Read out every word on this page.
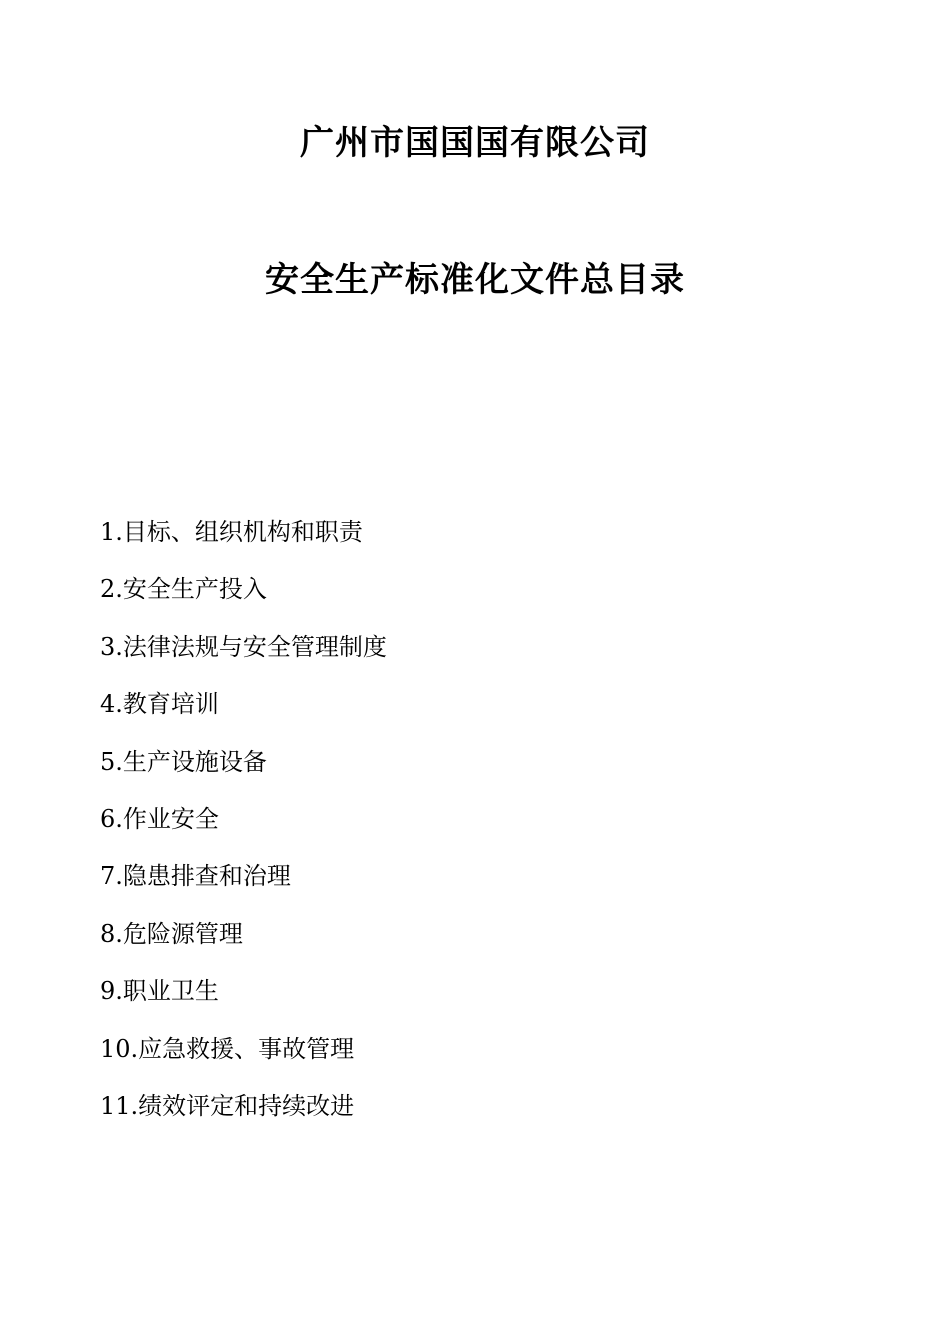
广州市国国国有限公司
安全生产标准化文件总目录
1.目标、组织机构和职责
2.安全生产投入
3.法律法规与安全管理制度
4.教育培训
5.生产设施设备
6.作业安全
7.隐患排查和治理
8.危险源管理
9.职业卫生
10.应急救援、事故管理
11.绩效评定和持续改进
